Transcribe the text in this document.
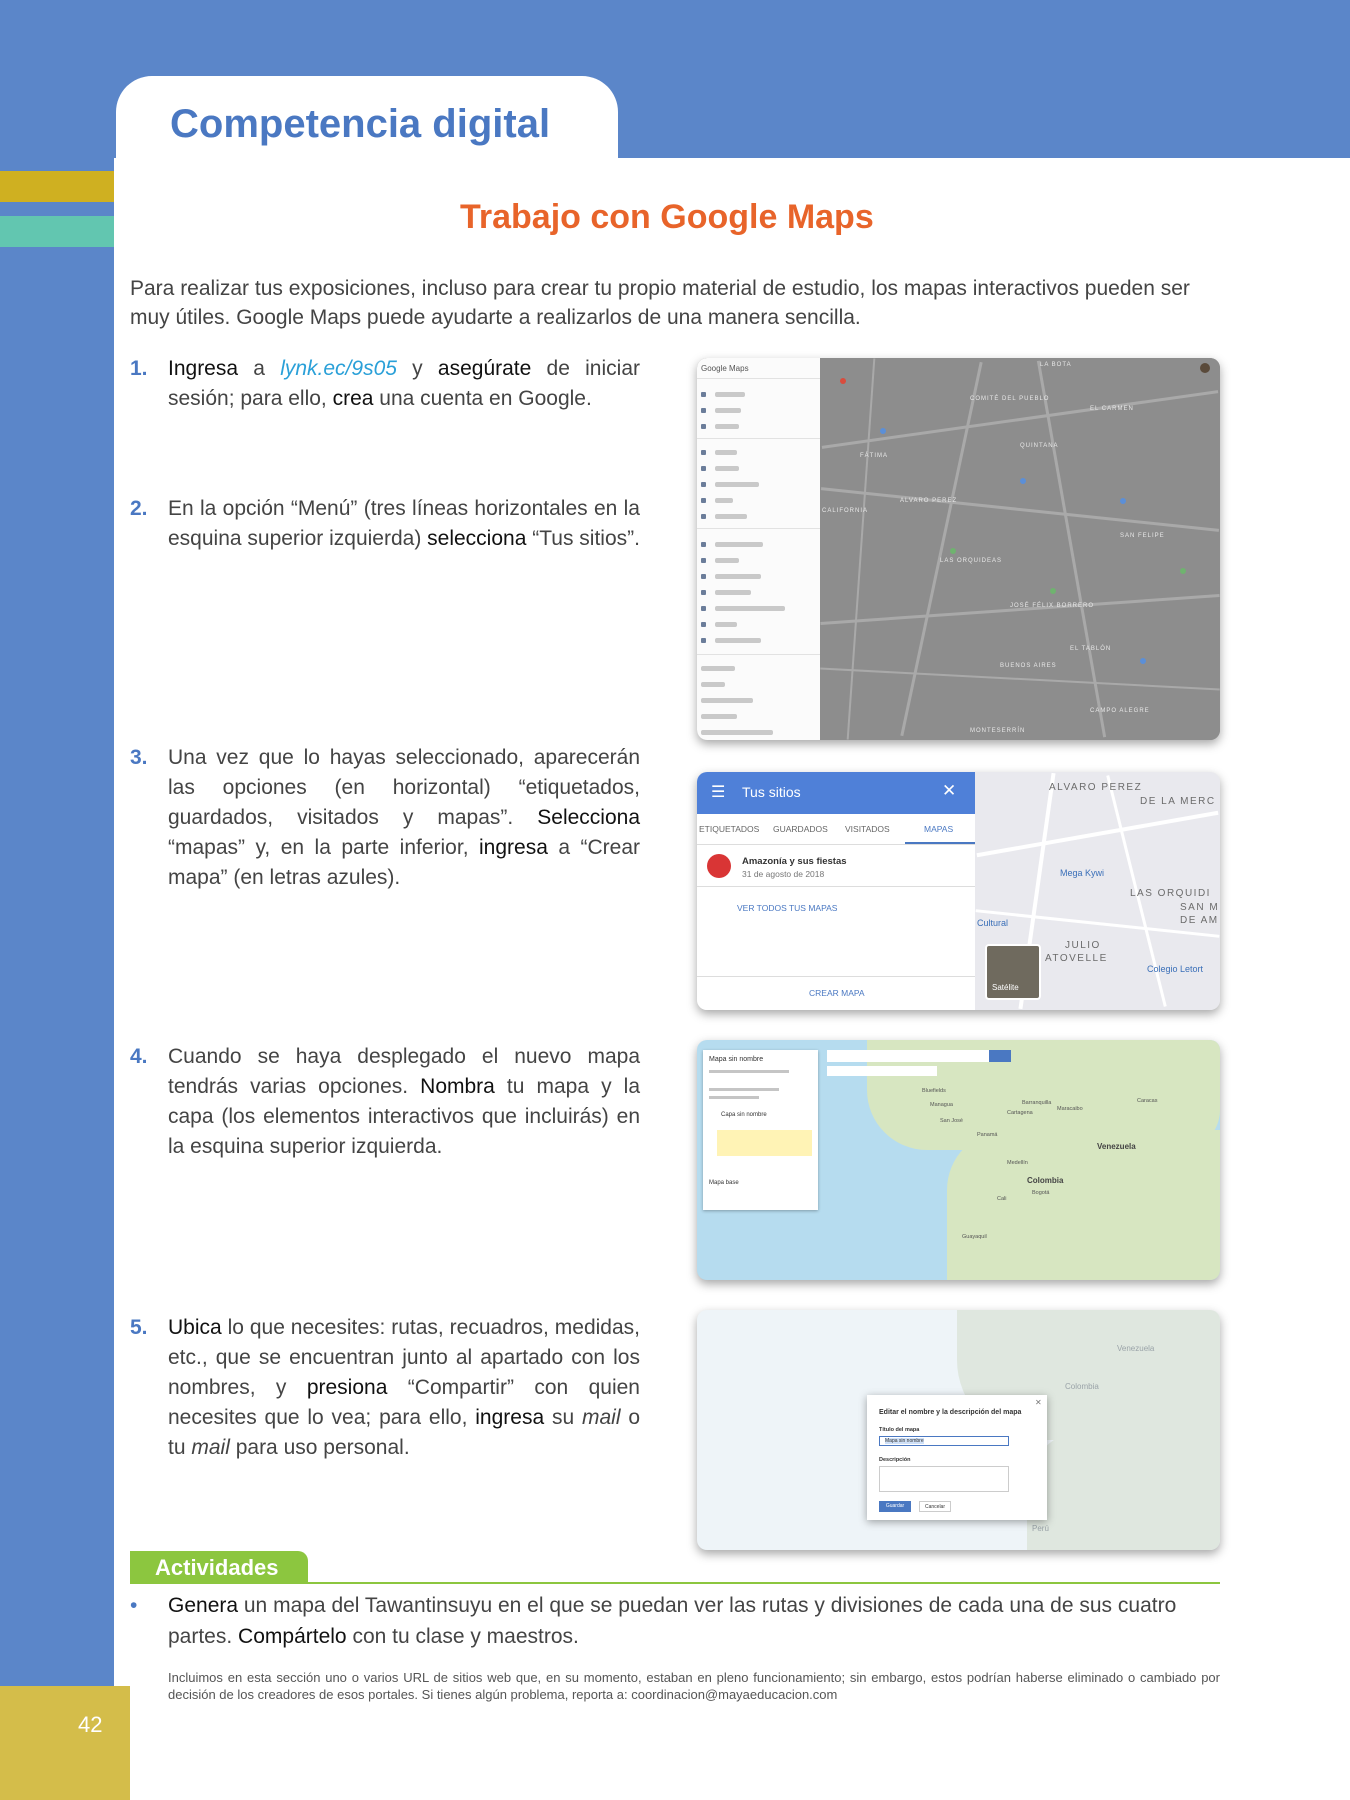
42
Competencia digital
Trabajo con Google Maps

Para realizar tus exposiciones, incluso para crear tu propio material de estudio, los mapas interactivos pueden ser muy útiles. Google Maps puede ayudarte a realizarlos de una manera sencilla.

1. Ingresa a lynk.ec/9s05 y asegúrate de iniciar sesión; para ello, crea una cuenta en Google.
2. En la opción “Menú” (tres líneas horizontales en la esquina superior izquierda) selecciona “Tus sitios”.
3. Una vez que lo hayas seleccionado, aparecerán las opciones (en horizontal) “etiquetados, guardados, visitados y mapas”. Selecciona “mapas” y, en la parte inferior, ingresa a “Crear mapa” (en letras azules).
4. Cuando se haya desplegado el nuevo mapa tendrás varias opciones. Nombra tu mapa y la capa (los elementos interactivos que incluirás) en la esquina superior izquierda.
5. Ubica lo que necesites: rutas, recuadros, medidas, etc., que se encuentran junto al apartado con los nombres, y presiona “Compartir” con quien necesites que lo vea; para ello, ingresa su mail o tu mail para uso personal.
Google Maps	LA BOTA
COMITÉ DEL PUEBLO
EL CARMEN
QUINTANA
FÁTIMA
CALIFORNIA
ALVARO PEREZ
LAS ORQUIDEAS
SAN FELIPE
JOSÉ FÉLIX BORRERO
EL TABLÓN
BUENOS AIRES
CAMPO ALEGRE
MONTESERRÍN
☰ Tus sitios	✕
ETIQUETADOS GUARDADOS VISITADOS	MAPAS
Amazonía y sus fiestas
31 de agosto de 2018
VER TODOS TUS MAPAS
CREAR MAPA
ALVARO PEREZ
DE LA MERC
LAS ORQUIDI
SAN M
DE AM
JULIO
ATOVELLE
Mega Kywi
Colegio Letort
Cultural
Satélite
Mapa sin nombre
Capa sin nombre
Mapa base
Venezuela
Colombia
Bluefields
Managua
San José
Panamá
Medellín
Bogotá
Cali
Barranquilla
Cartagena
Caracas
Maracaibo
Guayaquil
Venezuela
Colombia
Perú
✕
Editar el nombre y la descripción del mapa
Título del mapa
Mapa sin nombre
Descripción
Guardar	Cancelar
Actividades
• Genera un mapa del Tawantinsuyu en el que se puedan ver las rutas y divisiones de cada una de sus cuatro partes. Compártelo con tu clase y maestros.

Incluimos en esta sección uno o varios URL de sitios web que, en su momento, estaban en pleno funcionamiento; sin embargo, estos podrían haberse eliminado o cambiado por decisión de los creadores de esos portales. Si tienes algún problema, reporta a: coordinacion@mayaeducacion.com
